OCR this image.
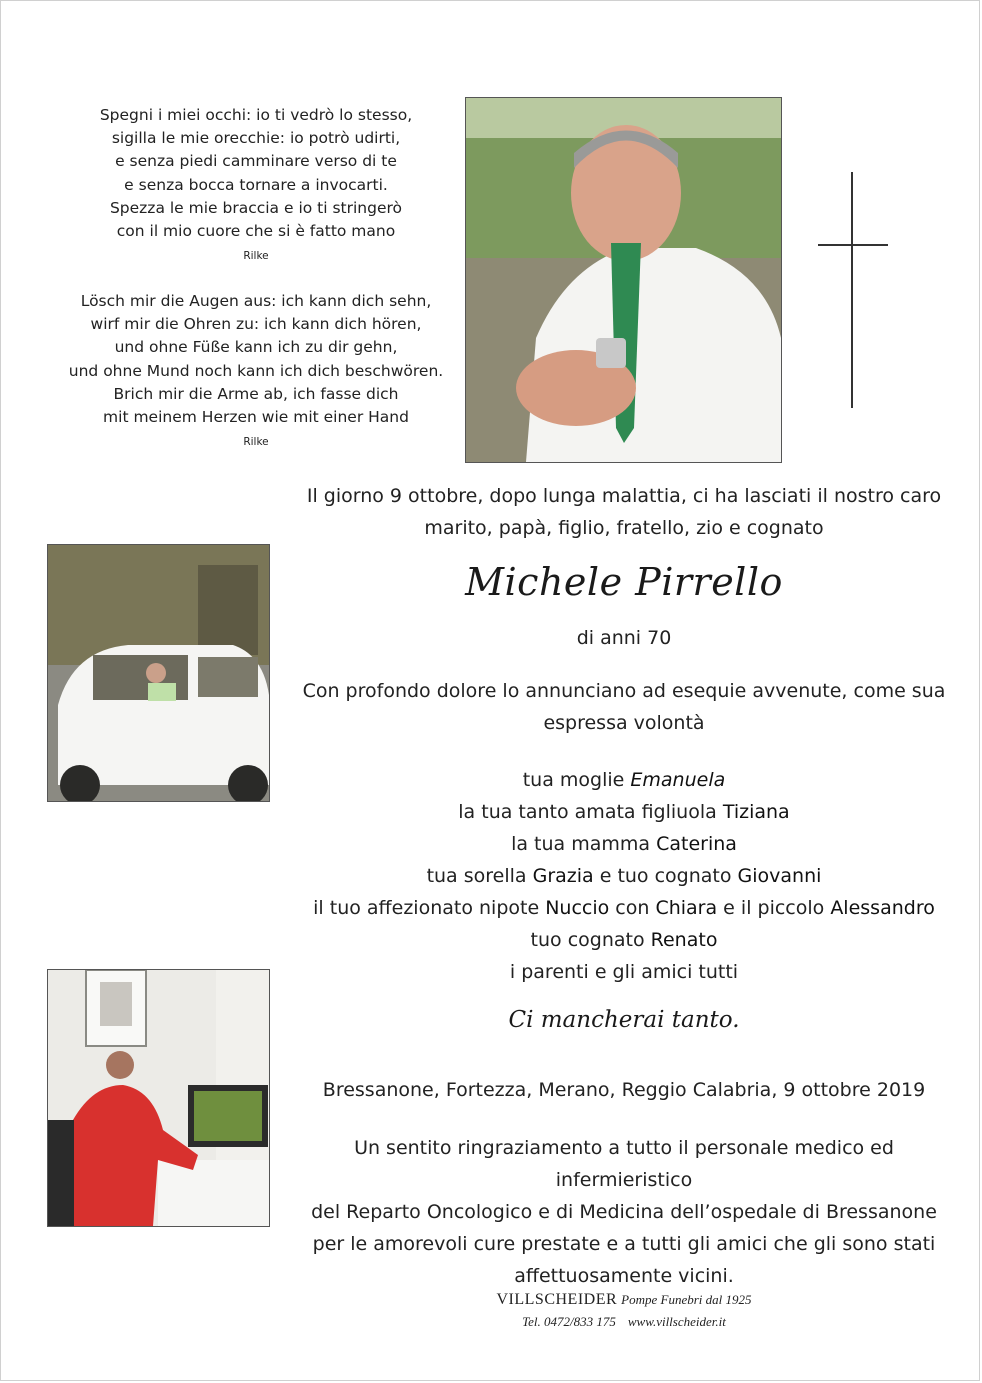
Spegni i miei occhi: io ti vedrò lo stesso,
sigilla le mie orecchie: io potrò udirti,
e senza piedi camminare verso di te
e senza bocca tornare a invocarti.
Spezza le mie braccia e io ti stringerò
con il mio cuore che si è fatto mano
Rilke
Lösch mir die Augen aus: ich kann dich sehn,
wirf mir die Ohren zu: ich kann dich hören,
und ohne Füße kann ich zu dir gehn,
und ohne Mund noch kann ich dich beschwören.
Brich mir die Arme ab, ich fasse dich
mit meinem Herzen wie mit einer Hand
Rilke
Il giorno 9 ottobre, dopo lunga malattia, ci ha lasciati il nostro caro
marito, papà, figlio, fratello, zio e cognato
Michele Pirrello
di anni 70
Con profondo dolore lo annunciano ad esequie avvenute, come sua
espressa volontà
tua moglie Emanuela
la tua tanto amata figliuola Tiziana
la tua mamma Caterina
tua sorella Grazia e tuo cognato Giovanni
il tuo affezionato nipote Nuccio con Chiara e il piccolo Alessandro
tuo cognato Renato
i parenti e gli amici tutti
Ci mancherai tanto.
Bressanone, Fortezza, Merano, Reggio Calabria, 9 ottobre 2019
Un sentito ringraziamento a tutto il personale medico ed infermieristico
del Reparto Oncologico e di Medicina dell’ospedale di Bressanone
per le amorevoli cure prestate e a tutti gli amici che gli sono stati
affettuosamente vicini.
VILLSCHEIDER Pompe Funebri dal 1925
Tel. 0472/833 175 www.villscheider.it
